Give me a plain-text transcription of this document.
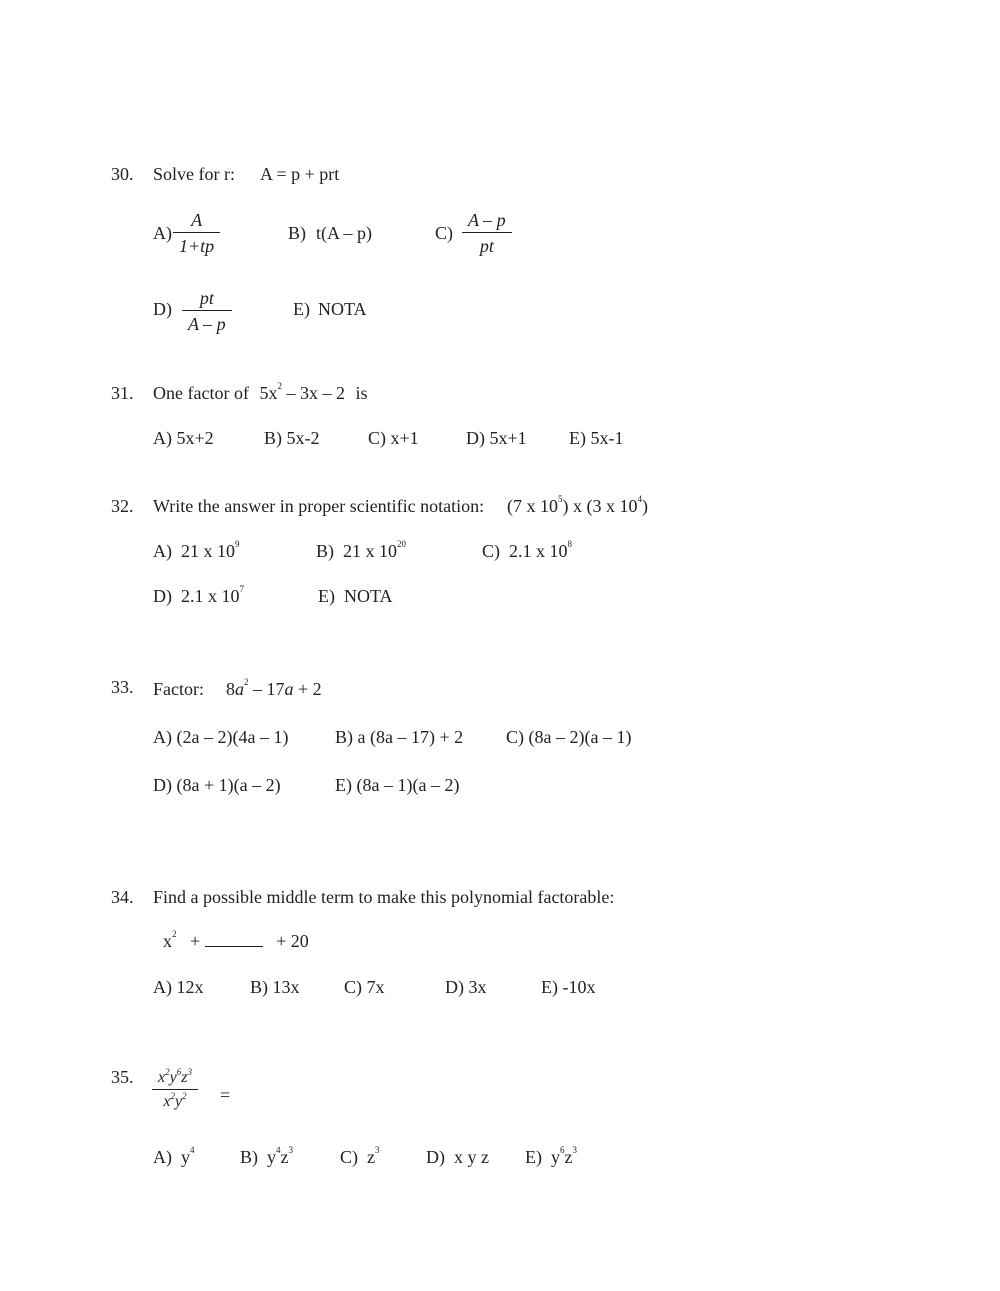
30. Solve for r: A = p + prt
$A) \frac{A}{1+tp}$	B) t(A – p)	$C) \frac{A - p}{pt}$
$D) \frac{pt}{A - p}$	E) NOTA
31. One factor of $5x^2 - 3x - 2$ is
A) 5x+2	B) 5x-2	C) x+1	D) 5x+1 E) 5x-1
32. Write the answer in proper scientific notation: (7 x $10^5$) x (3 x $10^4$)
A) 21 x $10^9$	B) 21 x $10^{20}$	C) 2.1 x $10^8$
D) 2.1 x $10^7$	E) NOTA
33. Factor: $8a^2 - 17a + 2$
A) (2a – 2)(4a – 1)	B) a (8a – 17) + 2 C) (8a – 2)(a – 1)
D) (8a + 1)(a – 2)	E) (8a – 1)(a – 2)
34. Find a possible middle term to make this polynomial factorable:
$x^2$ +	+ 20
A) 12x	B) 13x C) 7x	D) 3x	E) -10x
35. $\frac{x^2y^6z^3}{x^2y^2}$ =
A) $y^4$	B) $y^4z^3$	C) $z^3$	D) x y z E) $y^6z^3$
